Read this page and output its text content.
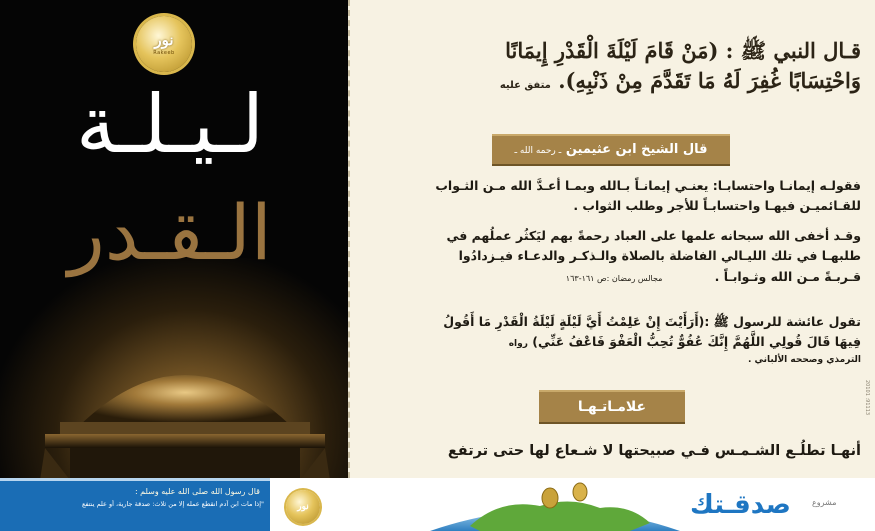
نور
Rakeeb
لـيـلـة
الـقـدر
قـال النبي ﷺ : (مَنْ قَامَ لَيْلَةَ الْقَدْرِ إِيمَانًا
وَاحْتِسَابًا غُفِرَ لَهُ مَا تَقَدَّمَ مِنْ ذَنْبِهِ). متفق عليه
قال الشيخ ابن عثيمين ـ رحمه الله ـ
فقولـه إيمانـا واحتسابـا: يعنـي إيمانـاً بـالله وبمـا أعـدَّ الله مـن الثـواب
للقـائميـن فيهـا واحتسابـاً للأجر وطلب الثواب .
وقـد أخفى الله سبحانه علمها على العباد رحمةً بهم ليَكثُر عملُهم في
طلبهـا في تلك الليـالي الفاضلة بالصلاة والـذكـر والدعـاء فيـزدادُوا
قـربـةً مـن الله وثـوابـاً .            مجالس رمضان :ص ١٦١-١٦٣
تقول عائشة للرسول ﷺ :(أَرَأَيْتَ إِنْ عَلِمْتُ أَيَّ لَيْلَةٍ لَيْلَةُ الْقَدْرِ مَا أَقُولُ
فِيهَا قَالَ قُولِي اللَّهُمَّ إِنَّكَ عُفُوٌّ تُحِبُّ الْعَفْوَ فَاعْفُ عَنِّي) رواه
الترمذي وصححه الألباني .
علامـاتـهـا
أنهـا تطلُـع الشـمـس فـي صبيحتها لا شـعاع لها حتى ترتفع
20101 :91113
قال رسول الله صلى الله عليه وسلم :
"إذا مات ابن آدم انقطع عمله إلا من ثلاث: صدقة جارية، أو علم ينتفع	نور	صدقـتك	مشروع
